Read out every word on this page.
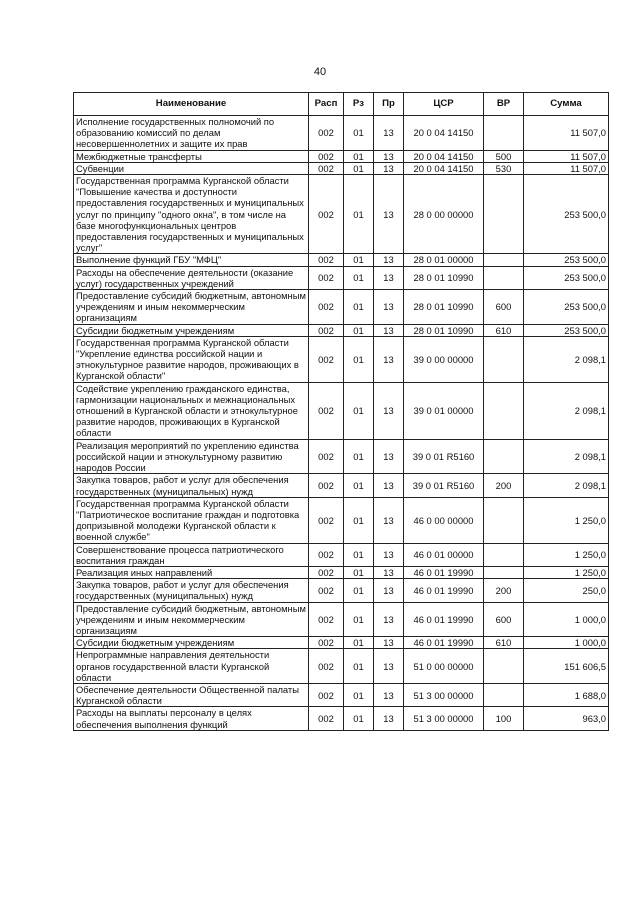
40
Наименование	Расп	Рз	Пр	ЦСР	ВР	Сумма
Исполнение государственных полномочий по образованию комиссий по делам несовершеннолетних и защите их прав	002	01	13	20 0 04 14150		11 507,0
Межбюджетные трансферты	002	01	13	20 0 04 14150	500	11 507,0
Субвенции	002	01	13	20 0 04 14150	530	11 507,0
Государственная программа Курганской области "Повышение качества и доступности предоставления государственных и муниципальных услуг по принципу "одного окна", в том числе на базе многофункциональных центров предоставления государственных и муниципальных услуг"	002	01	13	28 0 00 00000		253 500,0
Выполнение функций ГБУ "МФЦ"	002	01	13	28 0 01 00000		253 500,0
Расходы на обеспечение деятельности (оказание услуг) государственных учреждений	002	01	13	28 0 01 10990		253 500,0
Предоставление субсидий бюджетным, автономным учреждениям и иным некоммерческим организациям	002	01	13	28 0 01 10990	600	253 500,0
Субсидии бюджетным учреждениям	002	01	13	28 0 01 10990	610	253 500,0
Государственная программа Курганской области "Укрепление единства российской нации и этнокультурное развитие народов, проживающих в Курганской области"	002	01	13	39 0 00 00000		2 098,1
Содействие укреплению гражданского единства, гармонизации национальных и межнациональных отношений в Курганской области и этнокультурное развитие народов, проживающих в Курганской области	002	01	13	39 0 01 00000		2 098,1
Реализация мероприятий по укреплению единства российской нации и этнокультурному развитию народов России	002	01	13	39 0 01 R5160		2 098,1
Закупка товаров, работ и услуг для обеспечения государственных (муниципальных) нужд	002	01	13	39 0 01 R5160	200	2 098,1
Государственная программа Курганской области "Патриотическое воспитание граждан и подготовка допризывной молодежи Курганской области к военной службе"	002	01	13	46 0 00 00000		1 250,0
Совершенствование процесса патриотического воспитания граждан	002	01	13	46 0 01 00000		1 250,0
Реализация иных направлений	002	01	13	46 0 01 19990		1 250,0
Закупка товаров, работ и услуг для обеспечения государственных (муниципальных) нужд	002	01	13	46 0 01 19990	200	250,0
Предоставление субсидий бюджетным, автономным учреждениям и иным некоммерческим организациям	002	01	13	46 0 01 19990	600	1 000,0
Субсидии бюджетным учреждениям	002	01	13	46 0 01 19990	610	1 000,0
Непрограммные направления деятельности органов государственной власти Курганской области	002	01	13	51 0 00 00000		151 606,5
Обеспечение деятельности Общественной палаты Курганской области	002	01	13	51 3 00 00000		1 688,0
Расходы на выплаты персоналу в целях обеспечения выполнения функций	002	01	13	51 3 00 00000	100	963,0
